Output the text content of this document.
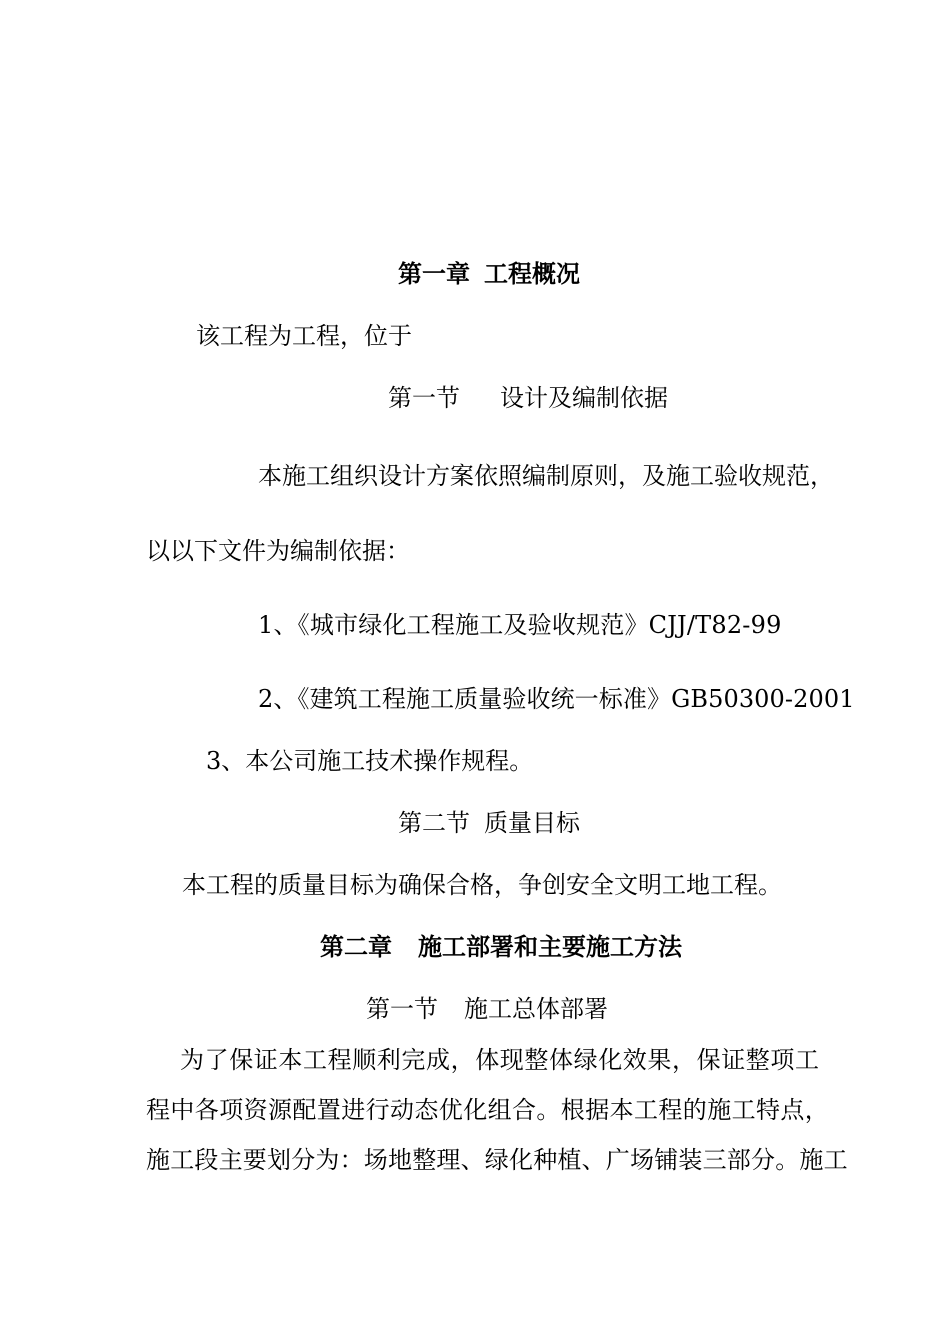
第一章 工程概况

该工程为工程，位于

第一节 设计及编制依据

本施工组织设计方案依照编制原则，及施工验收规范，

以以下文件为编制依据：

1、《城市绿化工程施工及验收规范》CJJ/T82-99

2、《建筑工程施工质量验收统一标准》GB50300-2001

3、本公司施工技术操作规程。

第二节 质量目标

本工程的质量目标为确保合格，争创安全文明工地工程。

第二章 施工部署和主要施工方法
第一节 施工总体部署

为了保证本工程顺利完成，体现整体绿化效果，保证整项工

程中各项资源配置进行动态优化组合。根据本工程的施工特点，

施工段主要划分为：场地整理、绿化种植、广场铺装三部分。施工
